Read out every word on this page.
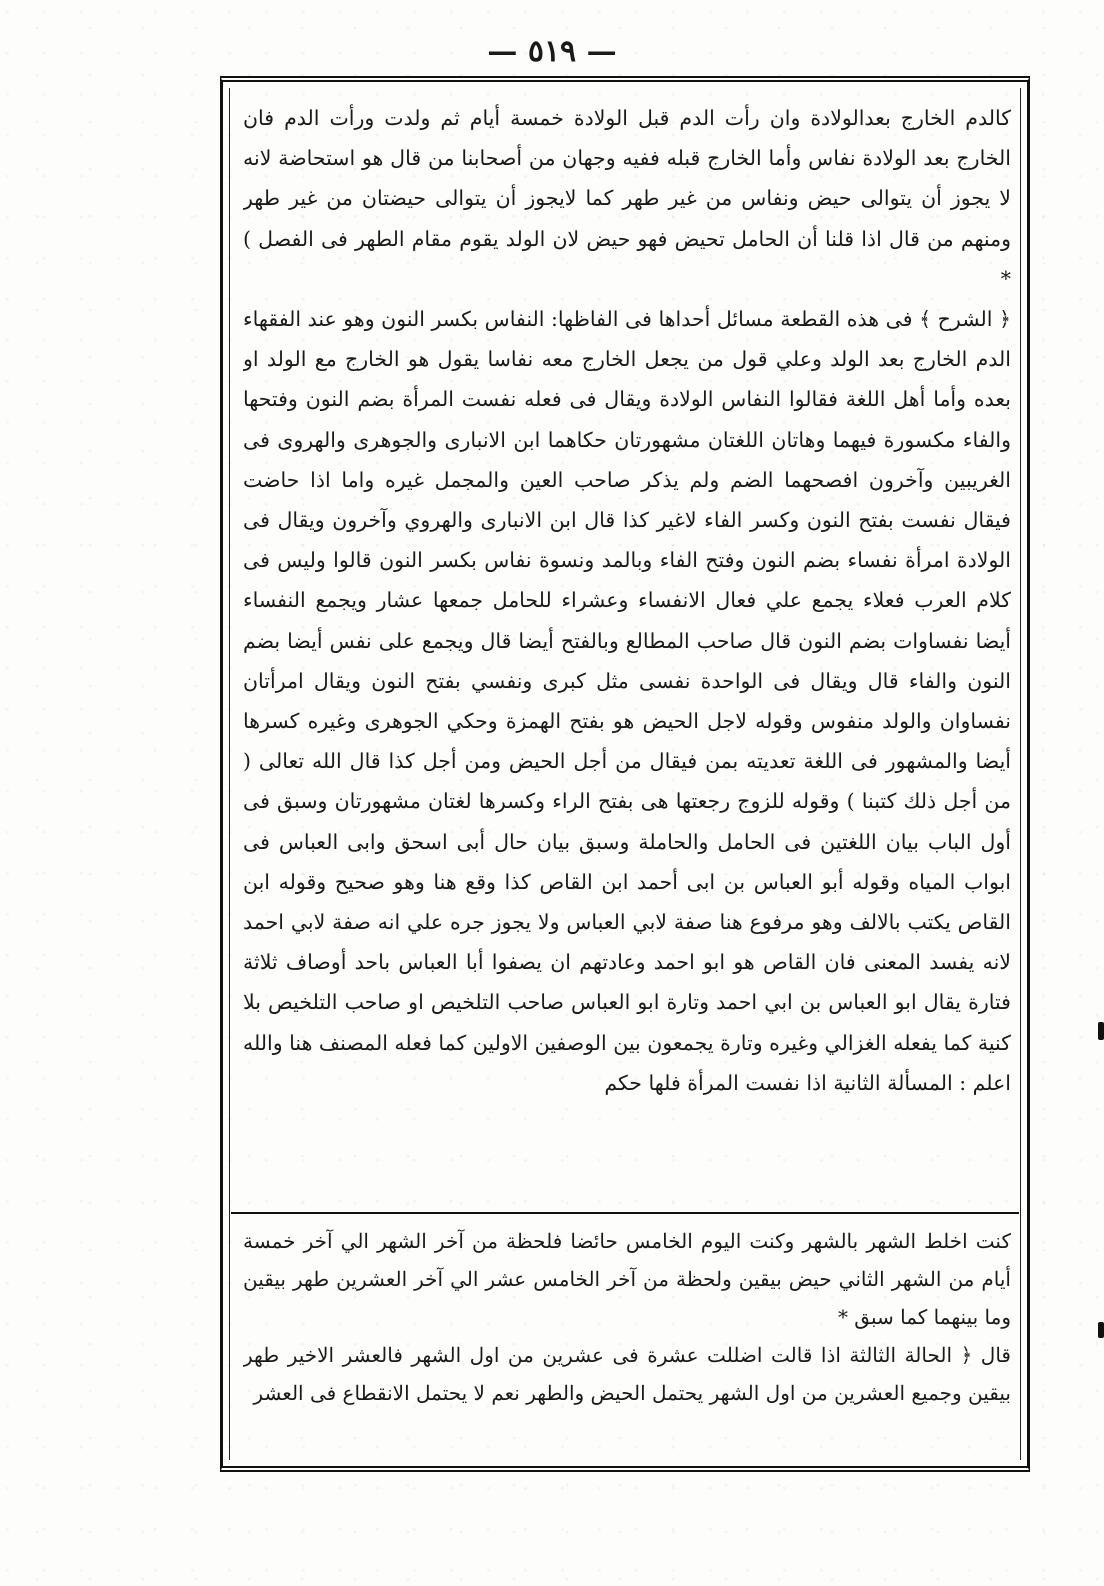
— ٥١٩ —

كالدم الخارج بعدالولادة وان رأت الدم قبل الولادة خمسة أيام ثم ولدت ورأت الدم فان الخارج بعد الولادة نفاس وأما الخارج قبله ففيه وجهان من أصحابنا من قال هو استحاضة لانه لا يجوز أن يتوالى حيض ونفاس من غير طهر كما لايجوز أن يتوالى حيضتان من غير طهر ومنهم من قال اذا قلنا أن الحامل تحيض فهو حيض لان الولد يقوم مقام الطهر فى الفصل ) *

﴿ الشرح ﴾ فى هذه القطعة مسائل أحداها فى الفاظها: النفاس بكسر النون وهو عند الفقهاء الدم الخارج بعد الولد وعلي قول من يجعل الخارج معه نفاسا يقول هو الخارج مع الولد او بعده وأما أهل اللغة فقالوا النفاس الولادة ويقال فى فعله نفست المرأة بضم النون وفتحها والفاء مكسورة فيهما وهاتان اللغتان مشهورتان حكاهما ابن الانبارى والجوهرى والهروى فى الغريبين وآخرون افصحهما الضم ولم يذكر صاحب العين والمجمل غيره واما اذا حاضت فيقال نفست بفتح النون وكسر الفاء لاغير كذا قال ابن الانبارى والهروي وآخرون ويقال فى الولادة امرأة نفساء بضم النون وفتح الفاء وبالمد ونسوة نفاس بكسر النون قالوا وليس فى كلام العرب فعلاء يجمع علي فعال الانفساء وعشراء للحامل جمعها عشار ويجمع النفساء أيضا نفساوات بضم النون قال صاحب المطالع وبالفتح أيضا قال ويجمع على نفس أيضا بضم النون والفاء قال ويقال فى الواحدة نفسى مثل كبرى ونفسي بفتح النون ويقال امرأتان نفساوان والولد منفوس وقوله لاجل الحيض هو بفتح الهمزة وحكي الجوهرى وغيره كسرها أيضا والمشهور فى اللغة تعديته بمن فيقال من أجل الحيض ومن أجل كذا قال الله تعالى ( من أجل ذلك كتبنا ) وقوله للزوج رجعتها هى بفتح الراء وكسرها لغتان مشهورتان وسبق فى أول الباب بيان اللغتين فى الحامل والحاملة وسبق بيان حال أبى اسحق وابى العباس فى ابواب المياه وقوله أبو العباس بن ابى أحمد ابن القاص كذا وقع هنا وهو صحيح وقوله ابن القاص يكتب بالالف وهو مرفوع هنا صفة لابي العباس ولا يجوز جره علي انه صفة لابي احمد لانه يفسد المعنى فان القاص هو ابو احمد وعادتهم ان يصفوا أبا العباس باحد أوصاف ثلاثة فتارة يقال ابو العباس بن ابي احمد وتارة ابو العباس صاحب التلخيص او صاحب التلخيص بلا كنية كما يفعله الغزالي وغيره وتارة يجمعون بين الوصفين الاولين كما فعله المصنف هنا والله اعلم : المسألة الثانية اذا نفست المرأة فلها حكم

كنت اخلط الشهر بالشهر وكنت اليوم الخامس حائضا فلحظة من آخر الشهر الي آخر خمسة أيام من الشهر الثاني حيض بيقين ولحظة من آخر الخامس عشر الي آخر العشرين طهر بيقين وما بينهما كما سبق *

قال ﴿ الحالة الثالثة اذا قالت اضللت عشرة فى عشرين من اول الشهر فالعشر الاخير طهر بيقين وجميع العشرين من اول الشهر يحتمل الحيض والطهر نعم لا يحتمل الانقطاع فى العشر
